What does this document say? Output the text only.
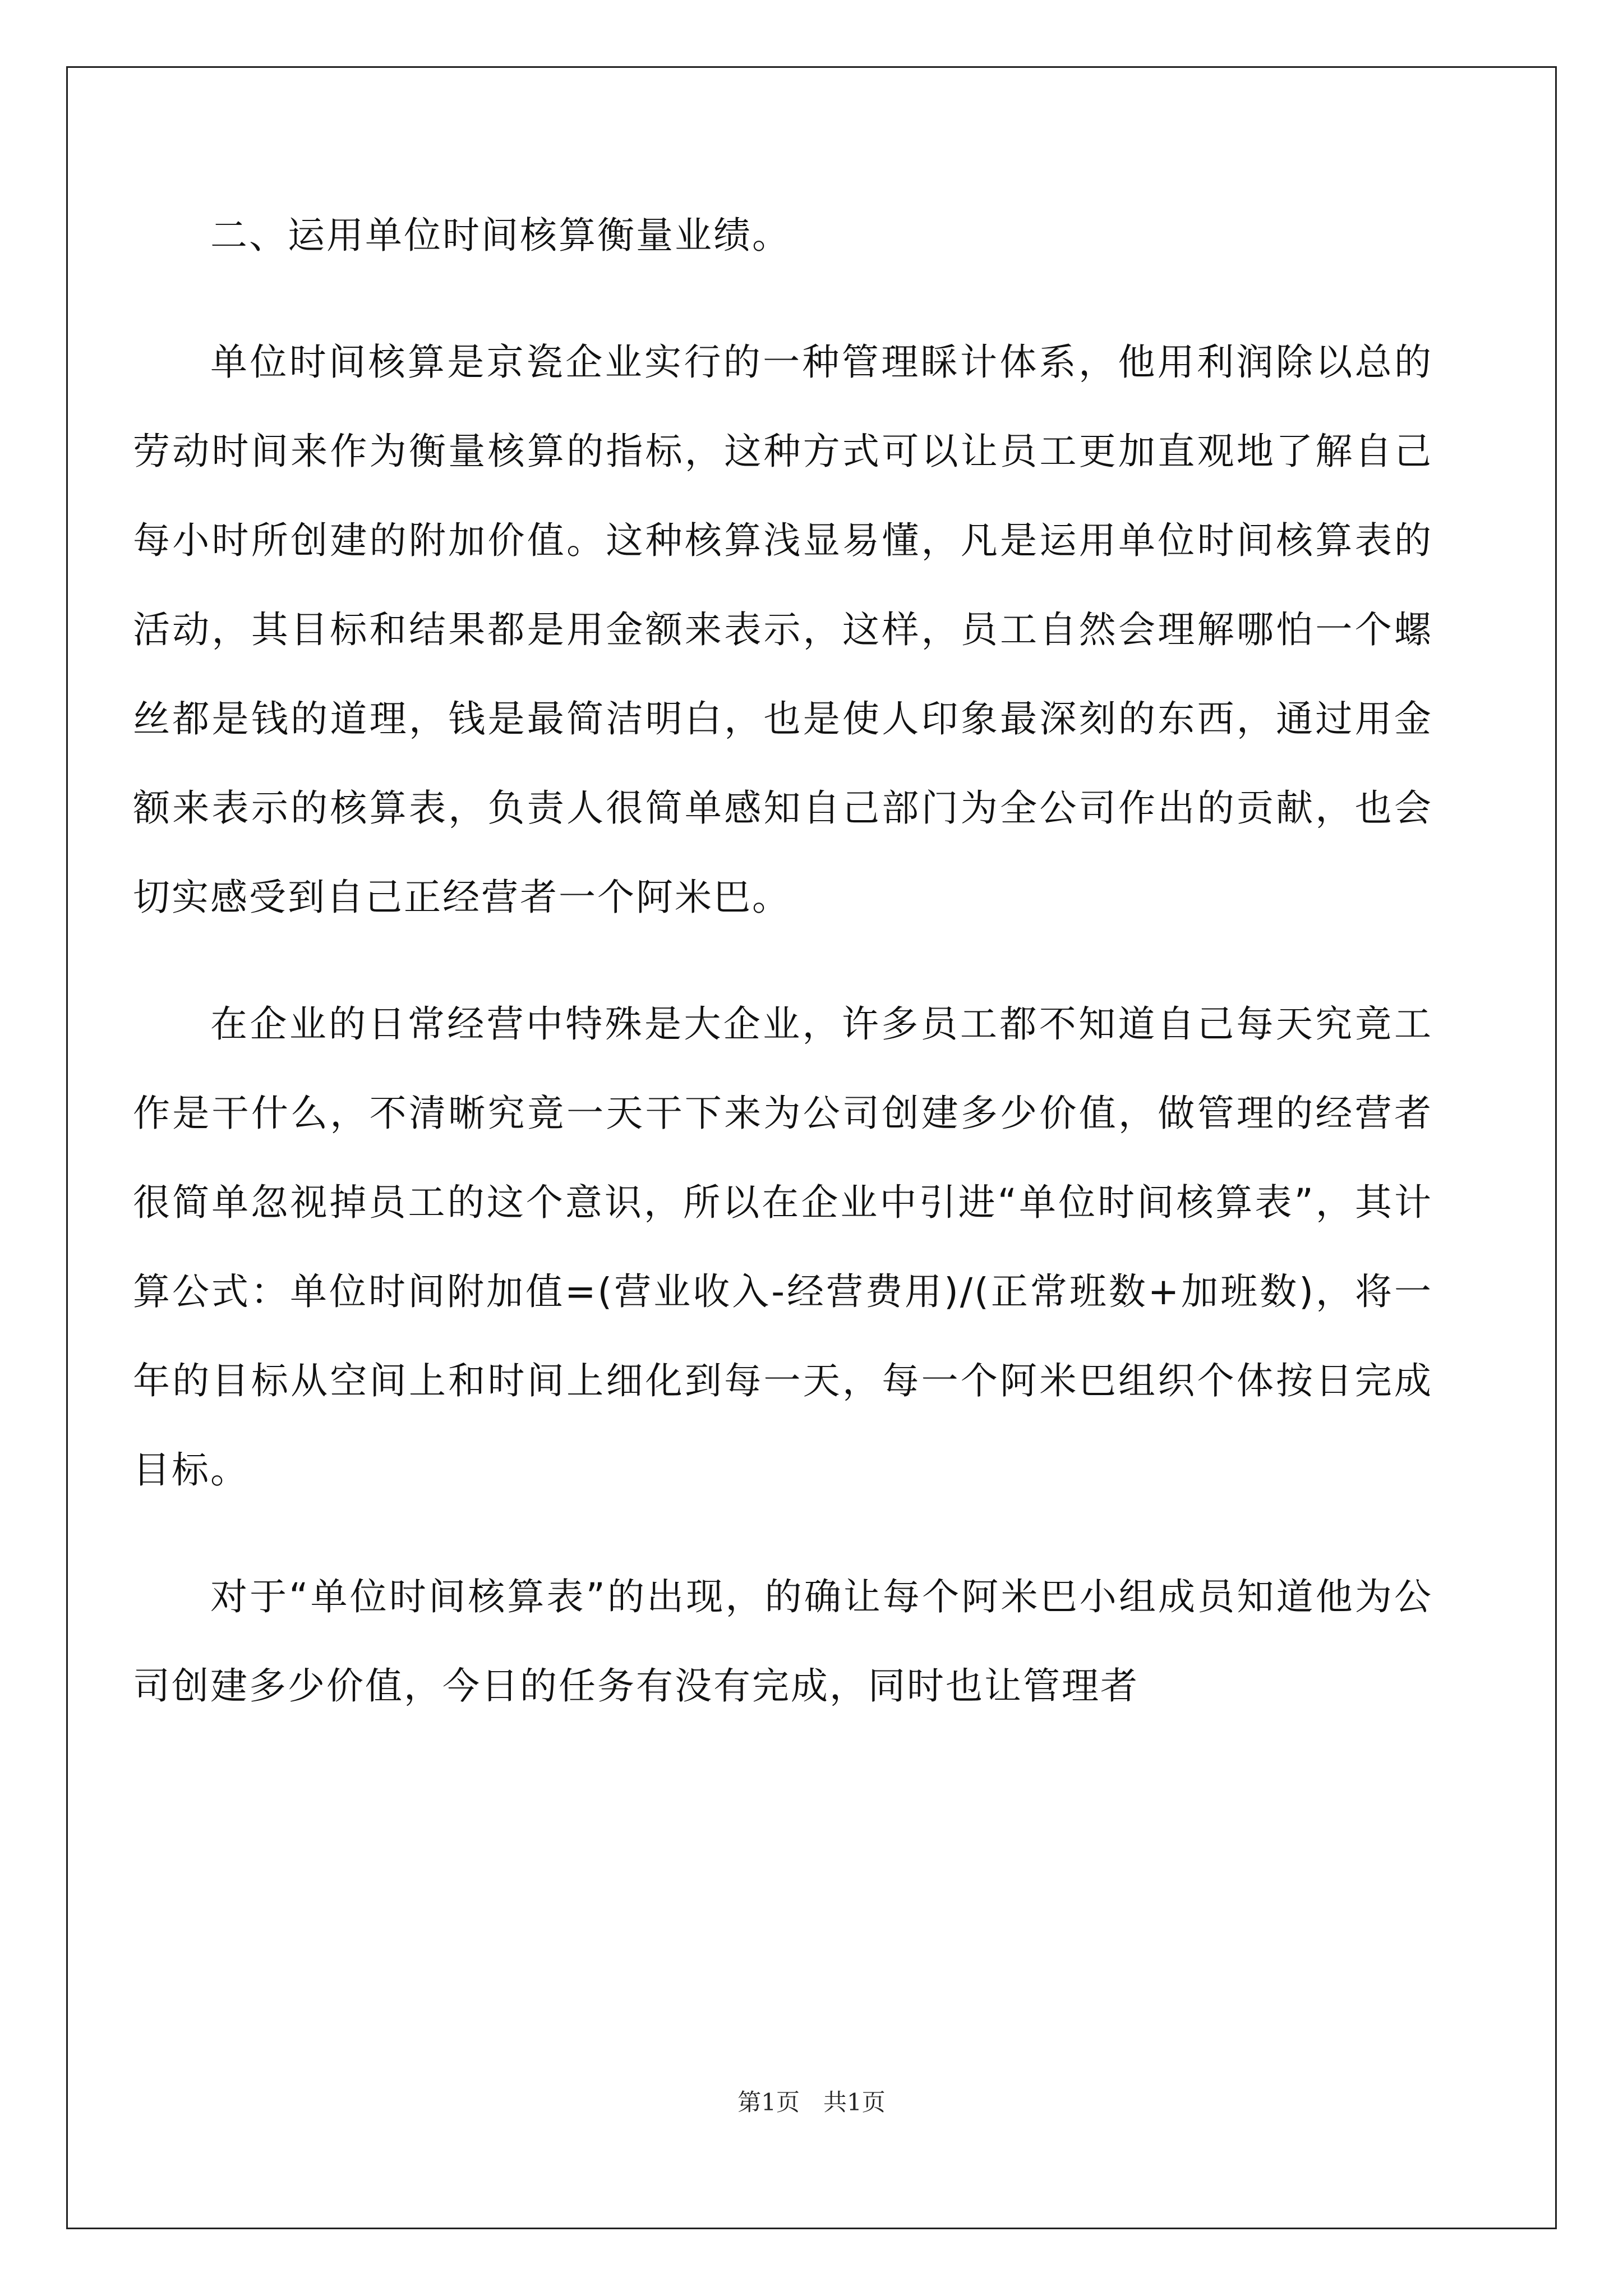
二、运用单位时间核算衡量业绩。

单位时间核算是京瓷企业实行的一种管理睬计体系，他用利润除以总的劳动时间来作为衡量核算的指标，这种方式可以让员工更加直观地了解自己每小时所创建的附加价值。这种核算浅显易懂，凡是运用单位时间核算表的活动，其目标和结果都是用金额来表示，这样，员工自然会理解哪怕一个螺丝都是钱的道理，钱是最简洁明白，也是使人印象最深刻的东西，通过用金额来表示的核算表，负责人很简单感知自己部门为全公司作出的贡献，也会切实感受到自己正经营者一个阿米巴。

在企业的日常经营中特殊是大企业，许多员工都不知道自己每天究竟工作是干什么，不清晰究竟一天干下来为公司创建多少价值，做管理的经营者很简单忽视掉员工的这个意识，所以在企业中引进“单位时间核算表”，其计算公式：单位时间附加值=(营业收入-经营费用)/(正常班数+加班数)，将一年的目标从空间上和时间上细化到每一天，每一个阿米巴组织个体按日完成目标。

对于“单位时间核算表”的出现，的确让每个阿米巴小组成员知道他为公司创建多少价值，今日的任务有没有完成，同时也让管理者

第1页　共1页
